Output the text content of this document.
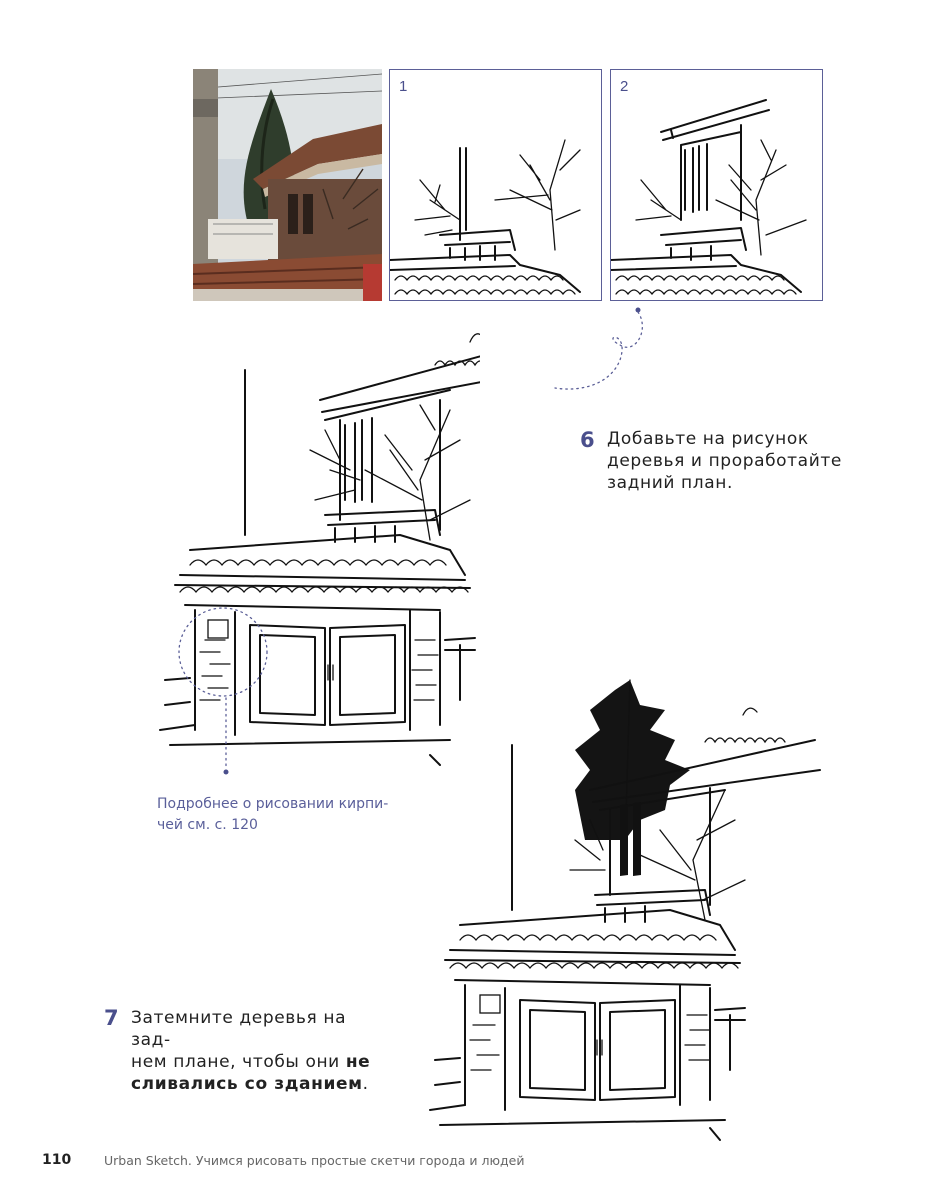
1	2
6 Добавьте на рисунок
деревья и проработайте
задний план.
Подробнее о рисовании кирпи-
чей см. с. 120
7 Затемните деревья на зад-
нем плане, чтобы они не
сливались со зданием.
110	Urban Sketch. Учимся рисовать простые скетчи города и людей
